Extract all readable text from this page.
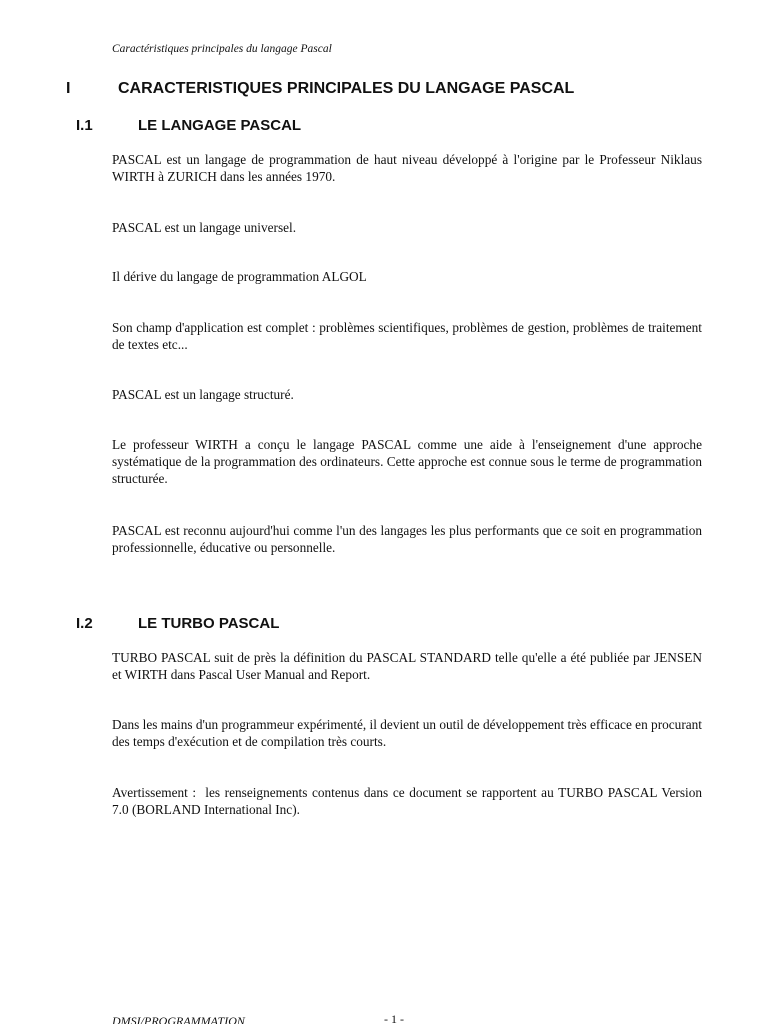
Caractéristiques principales du langage Pascal
I	CARACTERISTIQUES PRINCIPALES DU LANGAGE PASCAL
I.1	LE LANGAGE PASCAL

PASCAL est un langage de programmation de haut niveau développé à l'origine par le Professeur Niklaus WIRTH à ZURICH dans les années 1970.

PASCAL est un langage universel.

Il dérive du langage de programmation ALGOL

Son champ d'application est complet : problèmes scientifiques, problèmes de gestion, problèmes de traitement de textes etc...

PASCAL est un langage structuré.

Le professeur WIRTH a conçu le langage PASCAL comme une aide à l'enseignement d'une approche systématique de la programmation des ordinateurs. Cette approche est connue sous le terme de programmation structurée.

PASCAL est reconnu aujourd'hui comme l'un des langages les plus performants que ce soit en programmation professionnelle, éducative ou personnelle.

I.2	LE TURBO PASCAL

TURBO PASCAL suit de près la définition du PASCAL STANDARD telle qu'elle a été publiée par JENSEN et WIRTH dans Pascal User Manual and Report.

Dans les mains d'un programmeur expérimenté, il devient un outil de développement très efficace en procurant des temps d'exécution et de compilation très courts.

Avertissement :  les renseignements contenus dans ce document se rapportent au TURBO PASCAL Version 7.0 (BORLAND International Inc).

DMSI/PROGRAMMATION	- 1 -
